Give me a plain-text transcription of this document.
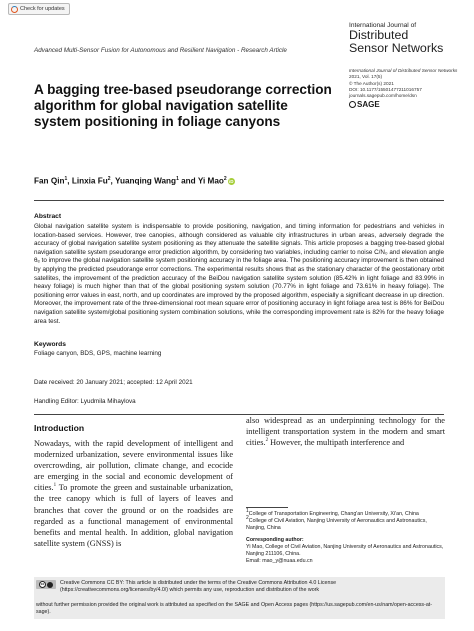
Check for updates
Advanced Multi-Sensor Fusion for Autonomous and Resilient Navigation - Research Article
International Journal of
Distributed
Sensor Networks
International Journal of Distributed Sensor Networks
2021, Vol. 17(5)
© The Author(s) 2021
DOI: 10.1177/15501477211016757
journals.sagepub.com/home/dsn
SAGE
A bagging tree-based pseudorange correction algorithm for global navigation satellite system positioning in foliage canyons
Fan Qin$^1$, Linxia Fu$^2$, Yuanqing Wang$^1$ and Yi Mao$^2$ iD
Abstract
Global navigation satellite system is indispensable to provide positioning, navigation, and timing information for pedestrians and vehicles in location-based services. However, tree canopies, although considered as valuable city infrastructures in urban areas, adversely degrade the accuracy of global navigation satellite system positioning as they attenuate the satellite signals. This article proposes a bagging tree-based global navigation satellite system pseudorange error prediction algorithm, by considering two variables, including carrier to noise C/N₀ and elevation angle θₑ to improve the global navigation satellite system positioning accuracy in the foliage area. The positioning accuracy improvement is then obtained by applying the predicted pseudorange error corrections. The experimental results shows that as the stationary character of the geostationary orbit satellites, the improvement of the prediction accuracy of the BeiDou navigation satellite system solution (85.42% in light foliage and 83.99% in heavy foliage) is much higher than that of the global positioning system solution (70.77% in light foliage and 73.61% in heavy foliage). The positioning error values in east, north, and up coordinates are improved by the proposed algorithm, especially a significant decrease in up direction. Moreover, the improvement rate of the three-dimensional root mean square error of positioning accuracy in light foliage area test is 86% for BeiDou navigation satellite system/global positioning system combination solutions, while the corresponding improvement rate is 82% for the heavy foliage area test.
Keywords
Foliage canyon, BDS, GPS, machine learning
Date received: 20 January 2021; accepted: 12 April 2021
Handling Editor: Lyudmila Mihaylova
Introduction
Nowadays, with the rapid development of intelligent and modernized urbanization, severe environmental issues like overcrowding, air pollution, climate change, and ecocide are emerging in the social and economic development of cities.$^1$ To promote the green and sustainable urbanization, the tree canopy which is full of layers of leaves and branches that cover the ground or on the roadsides are regarded as a functional management of environmental benefits and mental health. In addition, global navigation satellite system (GNSS) is
also widespread as an underpinning technology for the intelligent transportation system in the modern and smart cities.$^2$ However, the multipath interference and
1College of Transportation Engineering, Chang'an University, Xi'an, China
2College of Civil Aviation, Nanjing University of Aeronautics and Astronautics, Nanjing, China
Corresponding author:
Yi Mao, College of Civil Aviation, Nanjing University of Aeronautics and Astronautics, Nanjing 211106, China.
Email: mao_y@nuaa.edu.cn
cc	Creative Commons CC BY: This article is distributed under the terms of the Creative Commons Attribution 4.0 License (https://creativecommons.org/licenses/by/4.0/) which permits any use, reproduction and distribution of the work
without further permission provided the original work is attributed as specified on the SAGE and Open Access pages (https://us.sagepub.com/en-us/nam/open-access-at-sage).
